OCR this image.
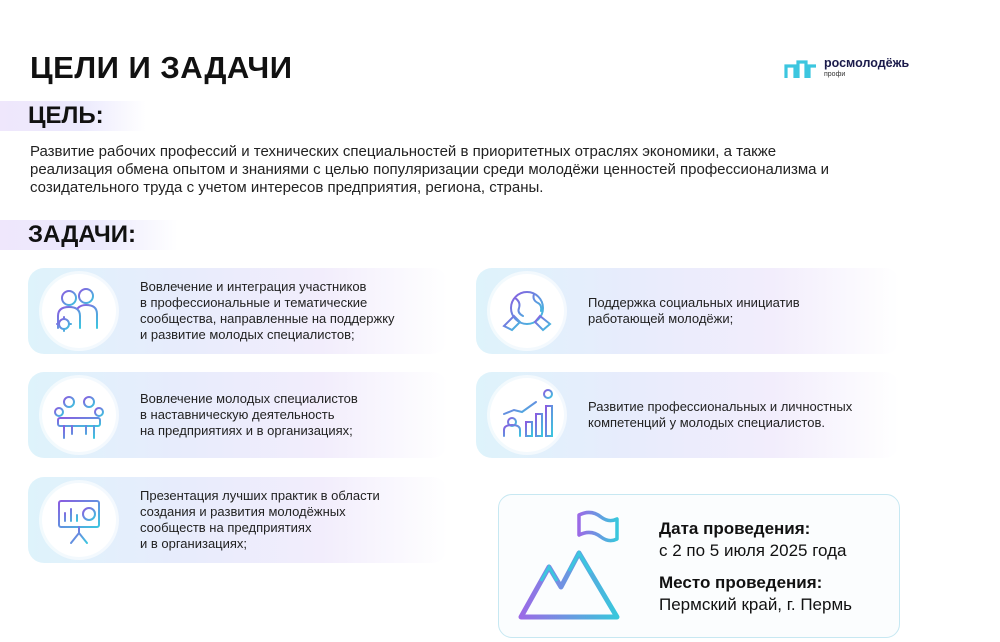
ЦЕЛИ И ЗАДАЧИ	росмолодёжь
профи
ЦЕЛЬ:

Развитие рабочих профессий и технических специальностей в приоритетных отраслях экономики, а также реализация обмена опытом и знаниями с целью популяризации среди молодёжи ценностей профессионализма и созидательного труда с учетом интересов предприятия, региона, страны.

ЗАДАЧИ:
Вовлечение и интеграция участников
в профессиональные и тематические
сообщества, направленные на поддержку
и развитие молодых специалистов;
Поддержка социальных инициатив
работающей молодёжи;
Вовлечение молодых специалистов
в наставническую деятельность
на предприятиях и в организациях;
Развитие профессиональных и личностных
компетенций у молодых специалистов.
Презентация лучших практик в области
создания и развития молодёжных
сообществ на предприятиях
и в организациях;
Дата проведения:
с 2 по 5 июля 2025 года
Место проведения:
Пермский край, г. Пермь
